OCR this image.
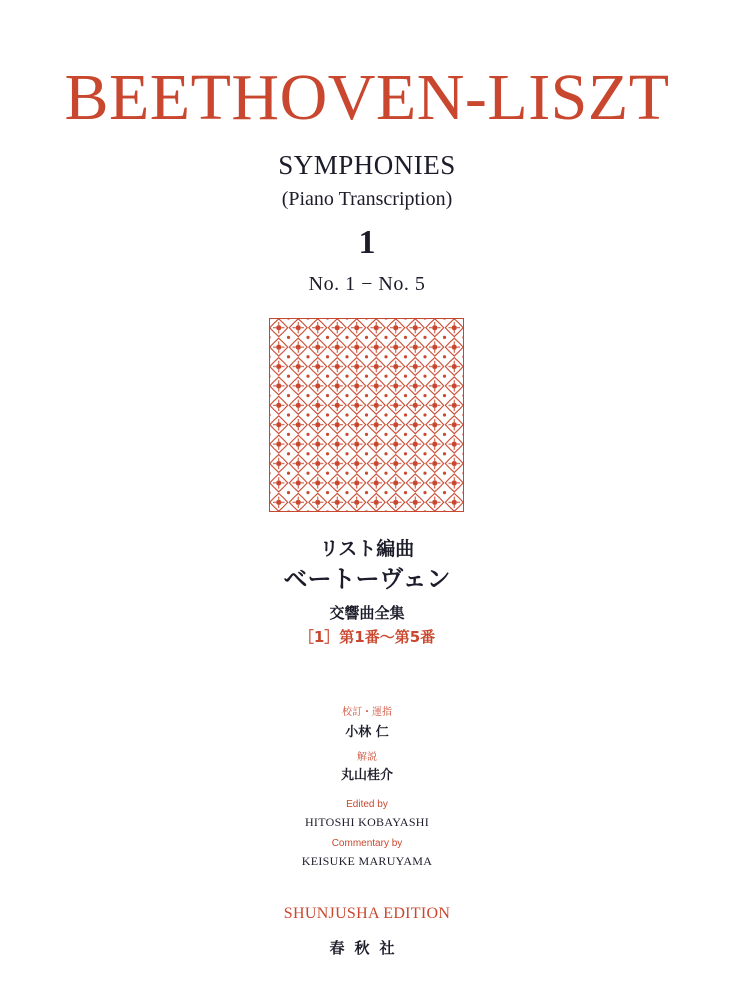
BEETHOVEN-LISZT
SYMPHONIES
(Piano Transcription)
1
No. 1 − No. 5
リスト編曲
ベートーヴェン
交響曲全集
［1］第1番〜第5番
校訂・運指
小林 仁
解説
丸山桂介
Edited by
HITOSHI KOBAYASHI
Commentary by
KEISUKE MARUYAMA
SHUNJUSHA EDITION
春秋社
